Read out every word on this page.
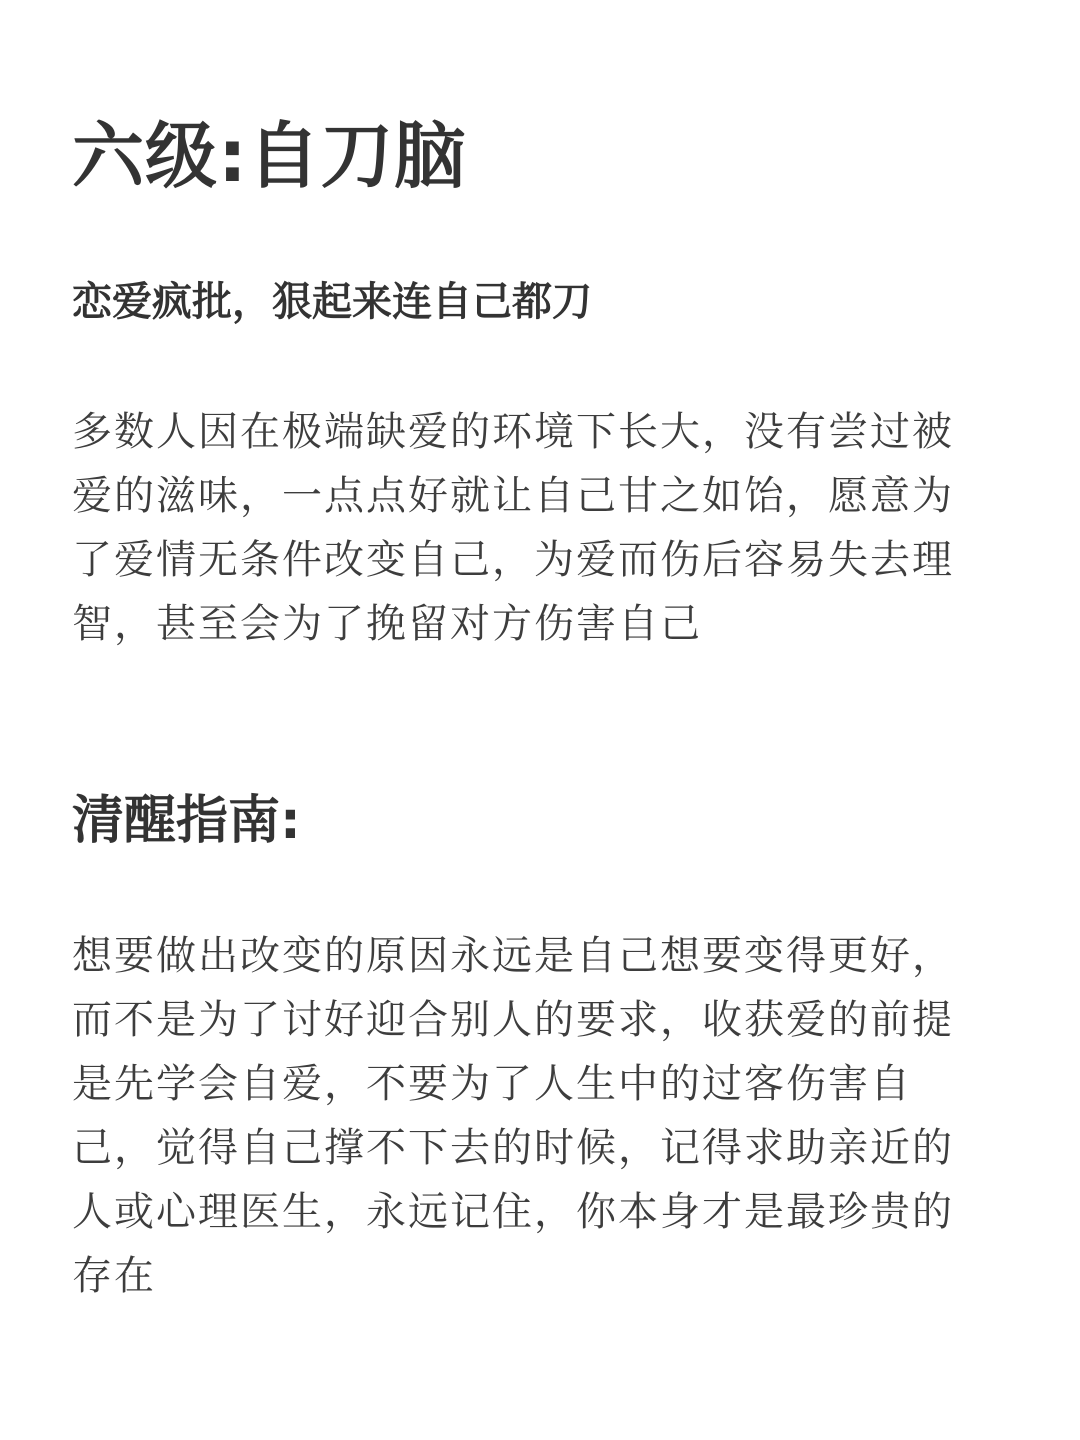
六级:自刀脑

恋爱疯批，狠起来连自己都刀

多数人因在极端缺爱的环境下长大，没有尝过被爱的滋味，一点点好就让自己甘之如饴，愿意为了爱情无条件改变自己，为爱而伤后容易失去理智，甚至会为了挽留对方伤害自己

清醒指南:

想要做出改变的原因永远是自己想要变得更好，而不是为了讨好迎合别人的要求，收获爱的前提是先学会自爱，不要为了人生中的过客伤害自己，觉得自己撑不下去的时候，记得求助亲近的人或心理医生，永远记住，你本身才是最珍贵的存在
